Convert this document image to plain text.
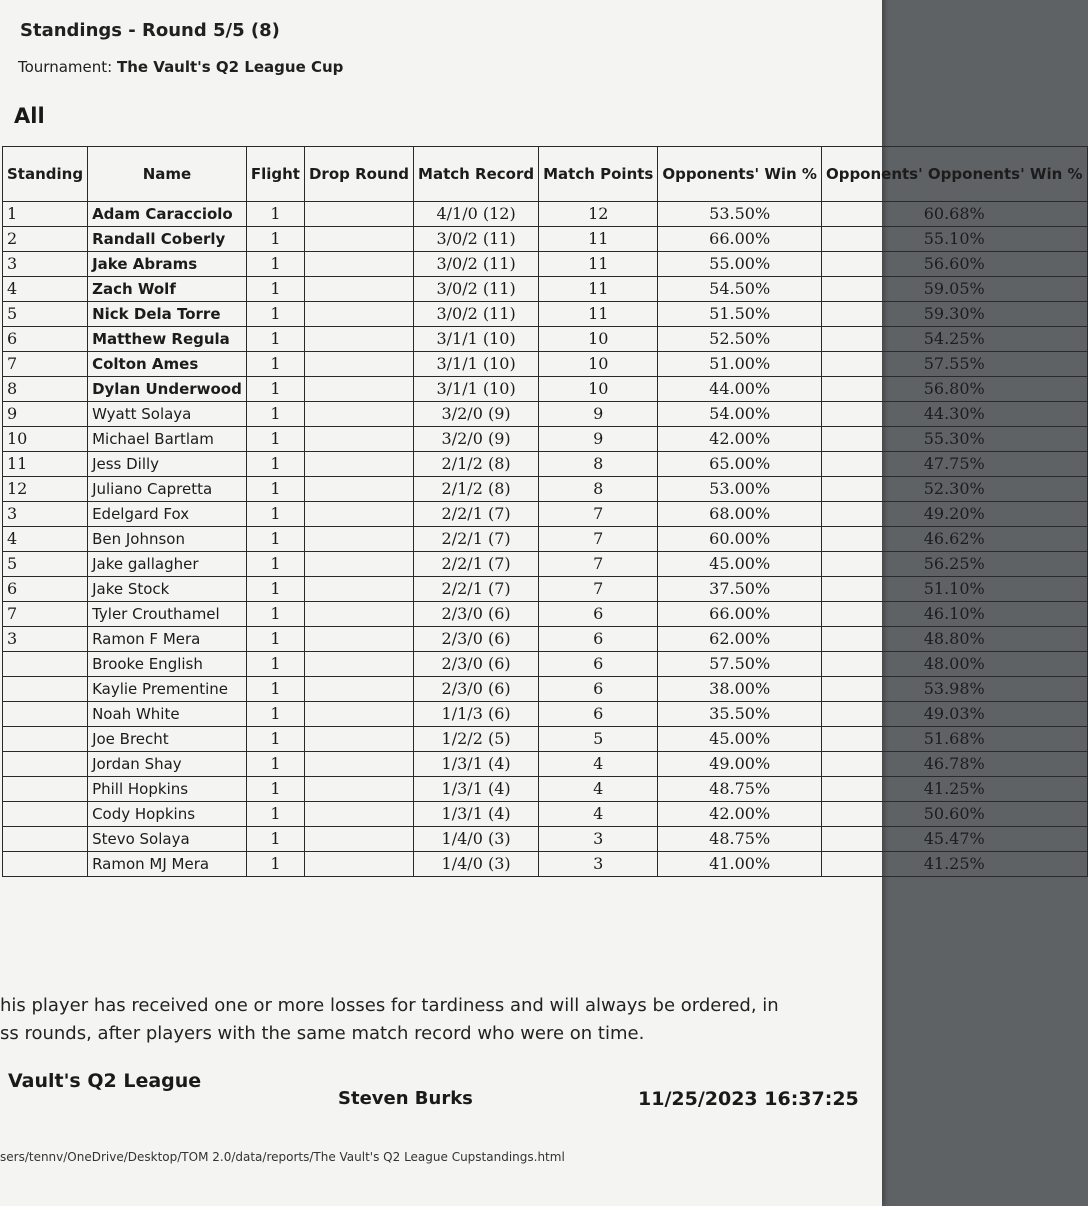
Standings - Round 5/5 (8)
Tournament: The Vault's Q2 League Cup
All
Standing	Name	Flight	Drop Round	Match Record	Match Points	Opponents' Win %	Opponents' Opponents' Win %
1	Adam Caracciolo	1		4/1/0 (12)	12	53.50%	60.68%
2	Randall Coberly	1		3/0/2 (11)	11	66.00%	55.10%
3	Jake Abrams	1		3/0/2 (11)	11	55.00%	56.60%
4	Zach Wolf	1		3/0/2 (11)	11	54.50%	59.05%
5	Nick Dela Torre	1		3/0/2 (11)	11	51.50%	59.30%
6	Matthew Regula	1		3/1/1 (10)	10	52.50%	54.25%
7	Colton Ames	1		3/1/1 (10)	10	51.00%	57.55%
8	Dylan Underwood	1		3/1/1 (10)	10	44.00%	56.80%
9	Wyatt Solaya	1		3/2/0 (9)	9	54.00%	44.30%
10	Michael Bartlam	1		3/2/0 (9)	9	42.00%	55.30%
11	Jess Dilly	1		2/1/2 (8)	8	65.00%	47.75%
12	Juliano Capretta	1		2/1/2 (8)	8	53.00%	52.30%
3	Edelgard Fox	1		2/2/1 (7)	7	68.00%	49.20%
4	Ben Johnson	1		2/2/1 (7)	7	60.00%	46.62%
5	Jake gallagher	1		2/2/1 (7)	7	45.00%	56.25%
6	Jake Stock	1		2/2/1 (7)	7	37.50%	51.10%
7	Tyler Crouthamel	1		2/3/0 (6)	6	66.00%	46.10%
3	Ramon F Mera	1		2/3/0 (6)	6	62.00%	48.80%
	Brooke English	1		2/3/0 (6)	6	57.50%	48.00%
	Kaylie Prementine	1		2/3/0 (6)	6	38.00%	53.98%
	Noah White	1		1/1/3 (6)	6	35.50%	49.03%
	Joe Brecht	1		1/2/2 (5)	5	45.00%	51.68%
	Jordan Shay	1		1/3/1 (4)	4	49.00%	46.78%
	Phill Hopkins	1		1/3/1 (4)	4	48.75%	41.25%
	Cody Hopkins	1		1/3/1 (4)	4	42.00%	50.60%
	Stevo Solaya	1		1/4/0 (3)	3	48.75%	45.47%
	Ramon MJ Mera	1		1/4/0 (3)	3	41.00%	41.25%
his player has received one or more losses for tardiness and will always be ordered, in
ss rounds, after players with the same match record who were on time.
Vault's Q2 League
Steven Burks	11/25/2023 16:37:25
sers/tennv/OneDrive/Desktop/TOM 2.0/data/reports/The Vault's Q2 League Cupstandings.html
